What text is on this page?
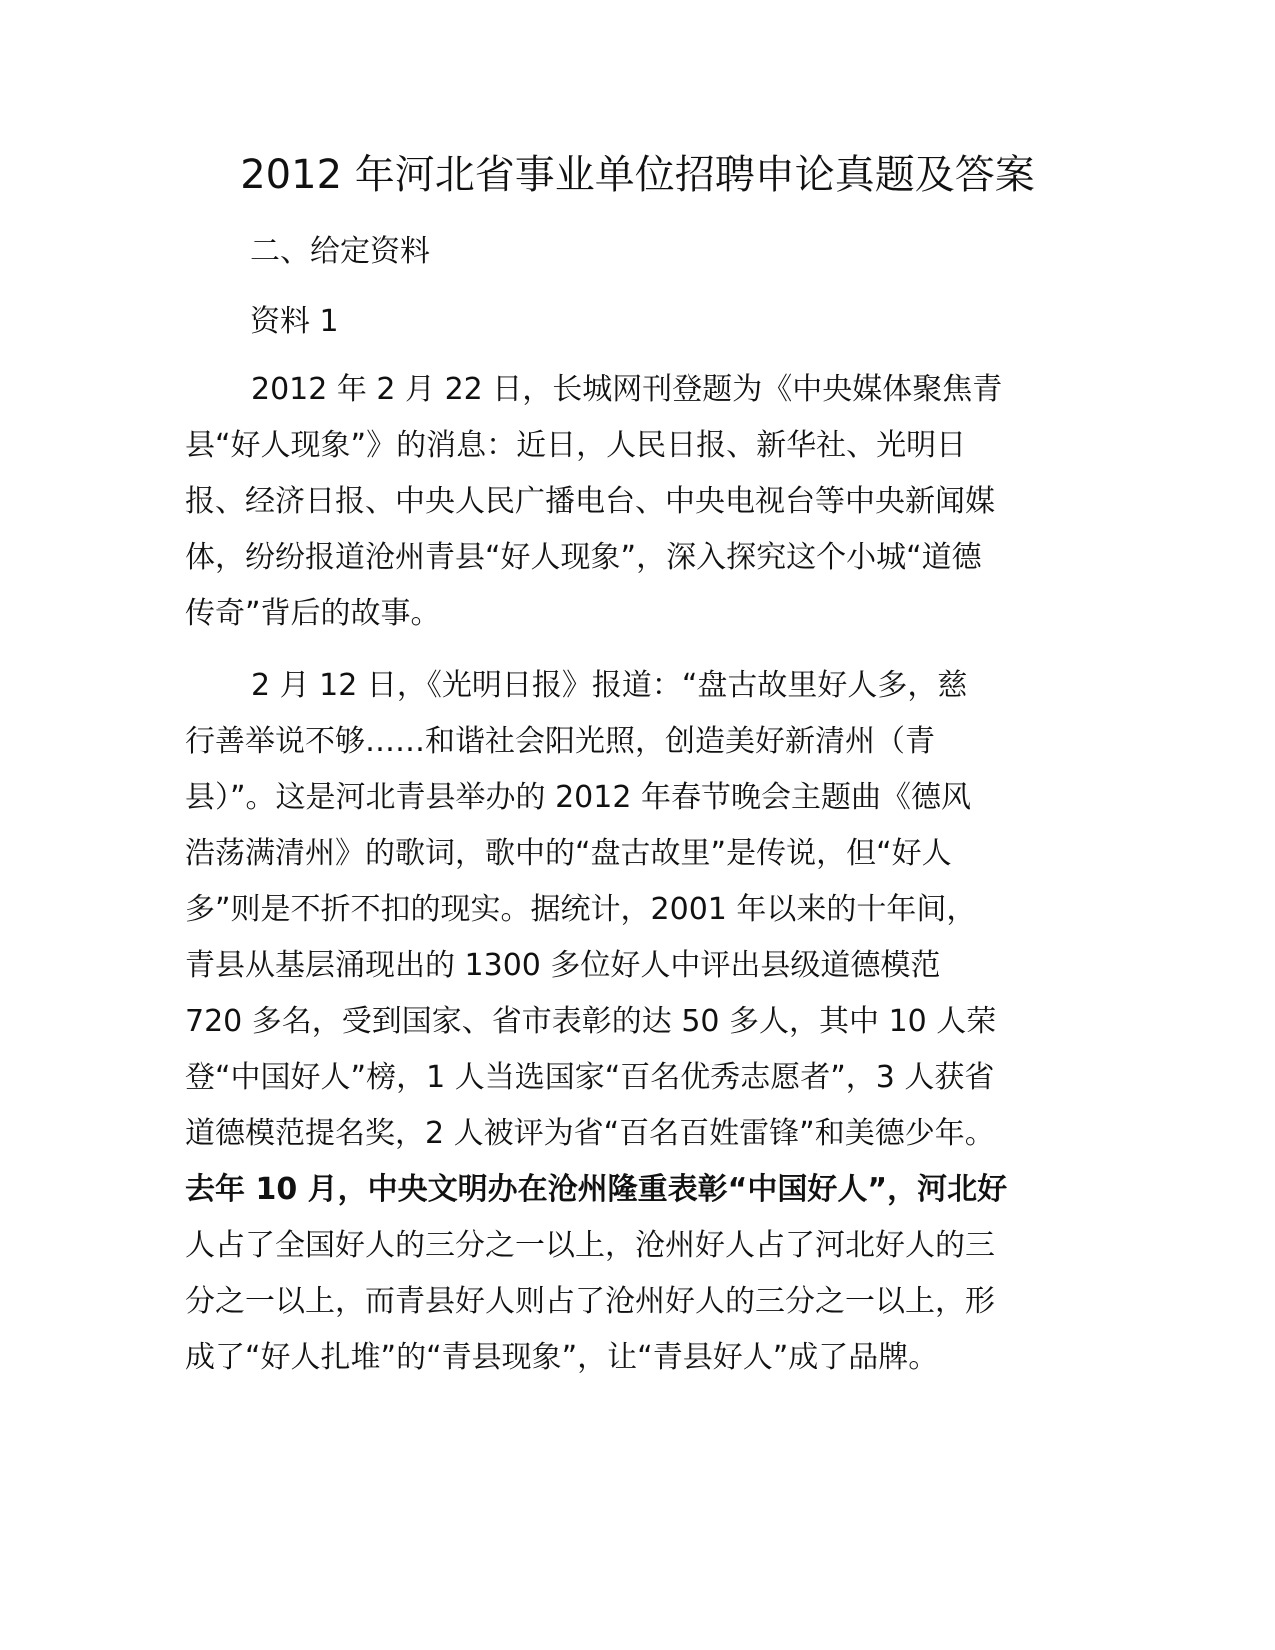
2012 年河北省事业单位招聘申论真题及答案

二、给定资料

资料 1

2012 年 2 月 22 日，长城网刊登题为《中央媒体聚焦青
县“好人现象”》的消息：近日，人民日报、新华社、光明日
报、经济日报、中央人民广播电台、中央电视台等中央新闻媒
体，纷纷报道沧州青县“好人现象”，深入探究这个小城“道德
传奇”背后的故事。
2 月 12 日，《光明日报》报道：“盘古故里好人多，慈
行善举说不够……和谐社会阳光照，创造美好新清州（青
县）”。这是河北青县举办的 2012 年春节晚会主题曲《德风
浩荡满清州》的歌词，歌中的“盘古故里”是传说，但“好人
多”则是不折不扣的现实。据统计，2001 年以来的十年间，
青县从基层涌现出的 1300 多位好人中评出县级道德模范
720 多名，受到国家、省市表彰的达 50 多人，其中 10 人荣
登“中国好人”榜，1 人当选国家“百名优秀志愿者”，3 人获省
道德模范提名奖，2 人被评为省“百名百姓雷锋”和美德少年。
去年 10 月，中央文明办在沧州隆重表彰“中国好人”，河北好
人占了全国好人的三分之一以上，沧州好人占了河北好人的三
分之一以上，而青县好人则占了沧州好人的三分之一以上，形
成了“好人扎堆”的“青县现象”，让“青县好人”成了品牌。
